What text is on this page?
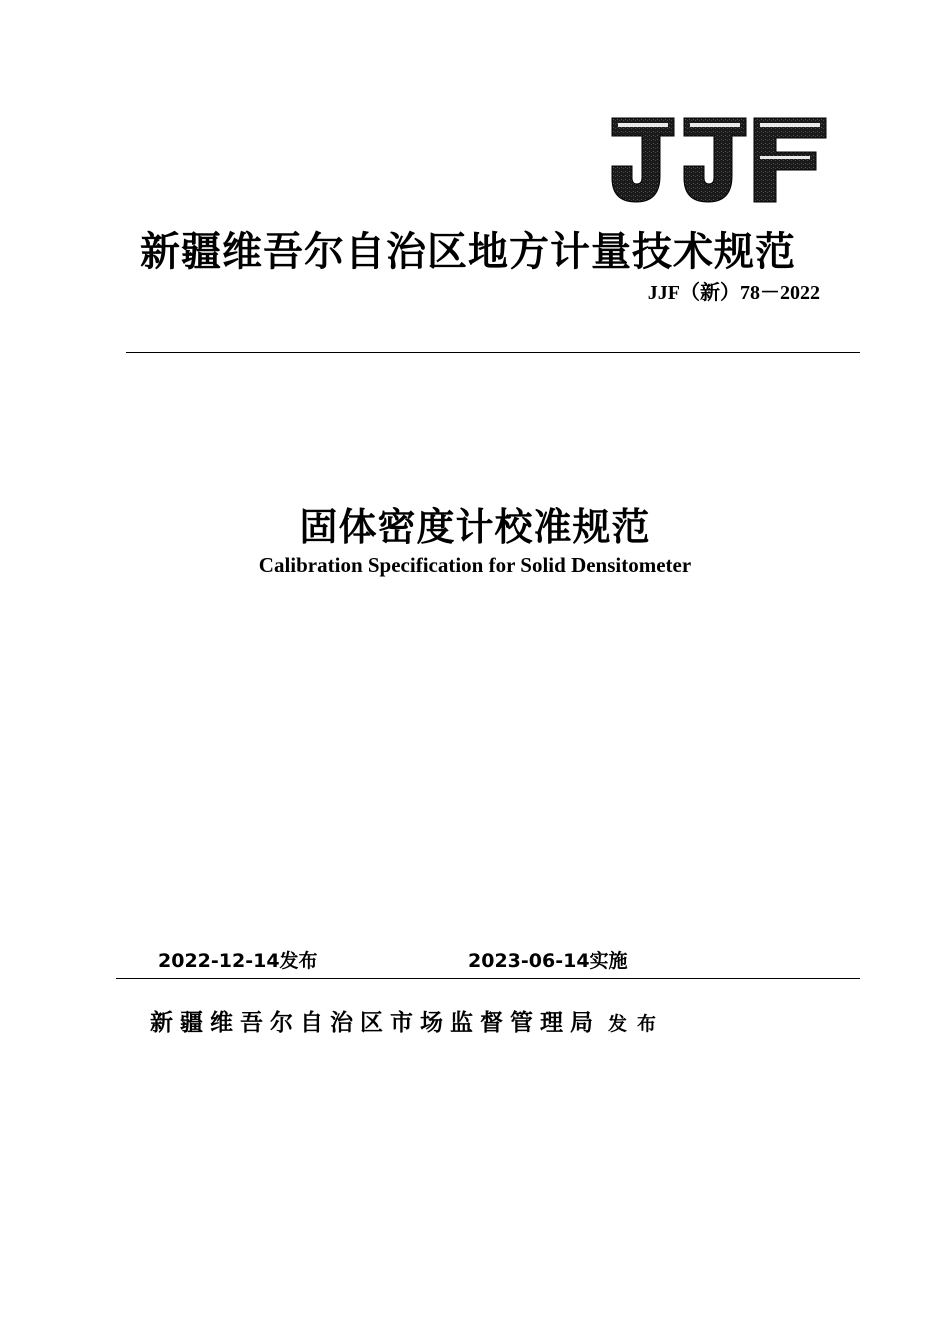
新疆维吾尔自治区地方计量技术规范
JJF（新）78－2022
固体密度计校准规范
Calibration Specification for Solid Densitometer
2022-12-14发布	2023-06-14实施
新疆维吾尔自治区市场监督管理局 发布
